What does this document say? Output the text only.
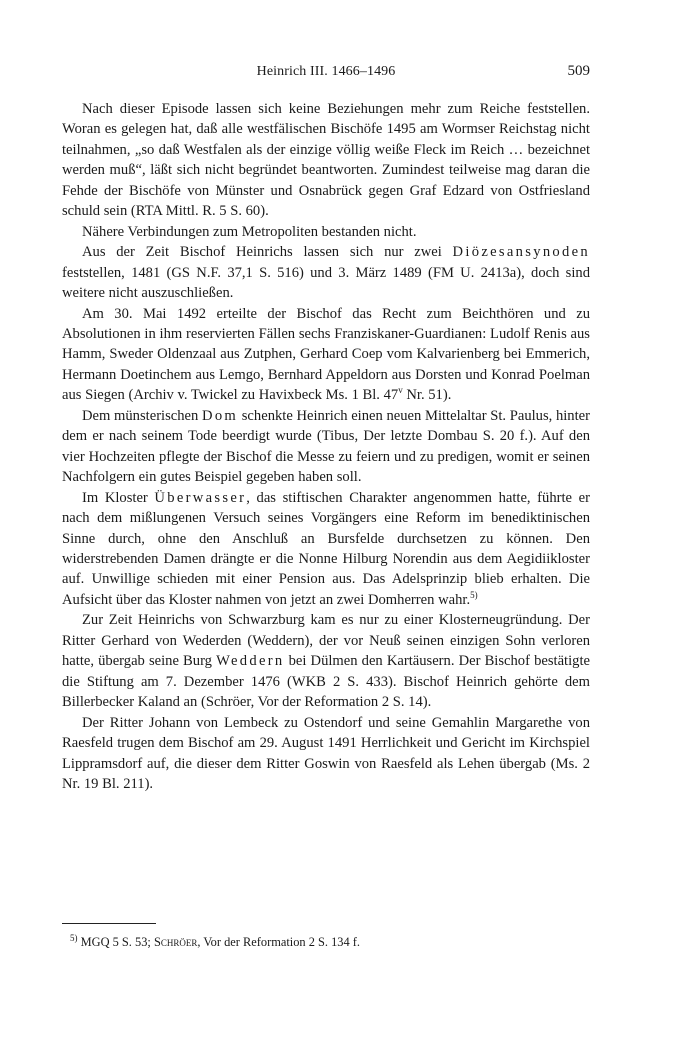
Heinrich III. 1466–1496	509

Nach dieser Episode lassen sich keine Beziehungen mehr zum Reiche feststellen. Woran es gelegen hat, daß alle westfälischen Bischöfe 1495 am Wormser Reichstag nicht teilnahmen, „so daß Westfalen als der einzige völlig weiße Fleck im Reich … bezeichnet werden muß“, läßt sich nicht begründet beantworten. Zumindest teilweise mag daran die Fehde der Bischöfe von Münster und Osnabrück gegen Graf Edzard von Ostfriesland schuld sein (RTA Mittl. R. 5 S. 60).

Nähere Verbindungen zum Metropoliten bestanden nicht.

Aus der Zeit Bischof Heinrichs lassen sich nur zwei Diözesansynoden feststellen, 1481 (GS N.F. 37,1 S. 516) und 3. März 1489 (FM U. 2413a), doch sind weitere nicht auszuschließen.

Am 30. Mai 1492 erteilte der Bischof das Recht zum Beichthören und zu Absolutionen in ihm reservierten Fällen sechs Franziskaner-Guardianen: Ludolf Renis aus Hamm, Sweder Oldenzaal aus Zutphen, Gerhard Coep vom Kalvarienberg bei Emmerich, Hermann Doetinchem aus Lemgo, Bernhard Appeldorn aus Dorsten und Konrad Poelman aus Siegen (Archiv v. Twickel zu Havixbeck Ms. 1 Bl. 47$^v$ Nr. 51).

Dem münsterischen Dom schenkte Heinrich einen neuen Mittelaltar St. Paulus, hinter dem er nach seinem Tode beerdigt wurde (Tibus, Der letzte Dombau S. 20 f.). Auf den vier Hochzeiten pflegte der Bischof die Messe zu feiern und zu predigen, womit er seinen Nachfolgern ein gutes Beispiel gegeben haben soll.

Im Kloster Überwasser, das stiftischen Charakter angenommen hatte, führte er nach dem mißlungenen Versuch seines Vorgängers eine Reform im benediktinischen Sinne durch, ohne den Anschluß an Bursfelde durchsetzen zu können. Den widerstrebenden Damen drängte er die Nonne Hilburg Norendin aus dem Aegidiikloster auf. Unwillige schieden mit einer Pension aus. Das Adelsprinzip blieb erhalten. Die Aufsicht über das Kloster nahmen von jetzt an zwei Domherren wahr.$^{5)}$

Zur Zeit Heinrichs von Schwarzburg kam es nur zu einer Klosterneugründung. Der Ritter Gerhard von Wederden (Weddern), der vor Neuß seinen einzigen Sohn verloren hatte, übergab seine Burg Weddern bei Dülmen den Kartäusern. Der Bischof bestätigte die Stiftung am 7. Dezember 1476 (WKB 2 S. 433). Bischof Heinrich gehörte dem Billerbecker Kaland an (Schröer, Vor der Reformation 2 S. 14).

Der Ritter Johann von Lembeck zu Ostendorf und seine Gemahlin Margarethe von Raesfeld trugen dem Bischof am 29. August 1491 Herrlichkeit und Gericht im Kirchspiel Lippramsdorf auf, die dieser dem Ritter Goswin von Raesfeld als Lehen übergab (Ms. 2 Nr. 19 Bl. 211).

$^{5)}$ MGQ 5 S. 53; Schröer, Vor der Reformation 2 S. 134 f.
